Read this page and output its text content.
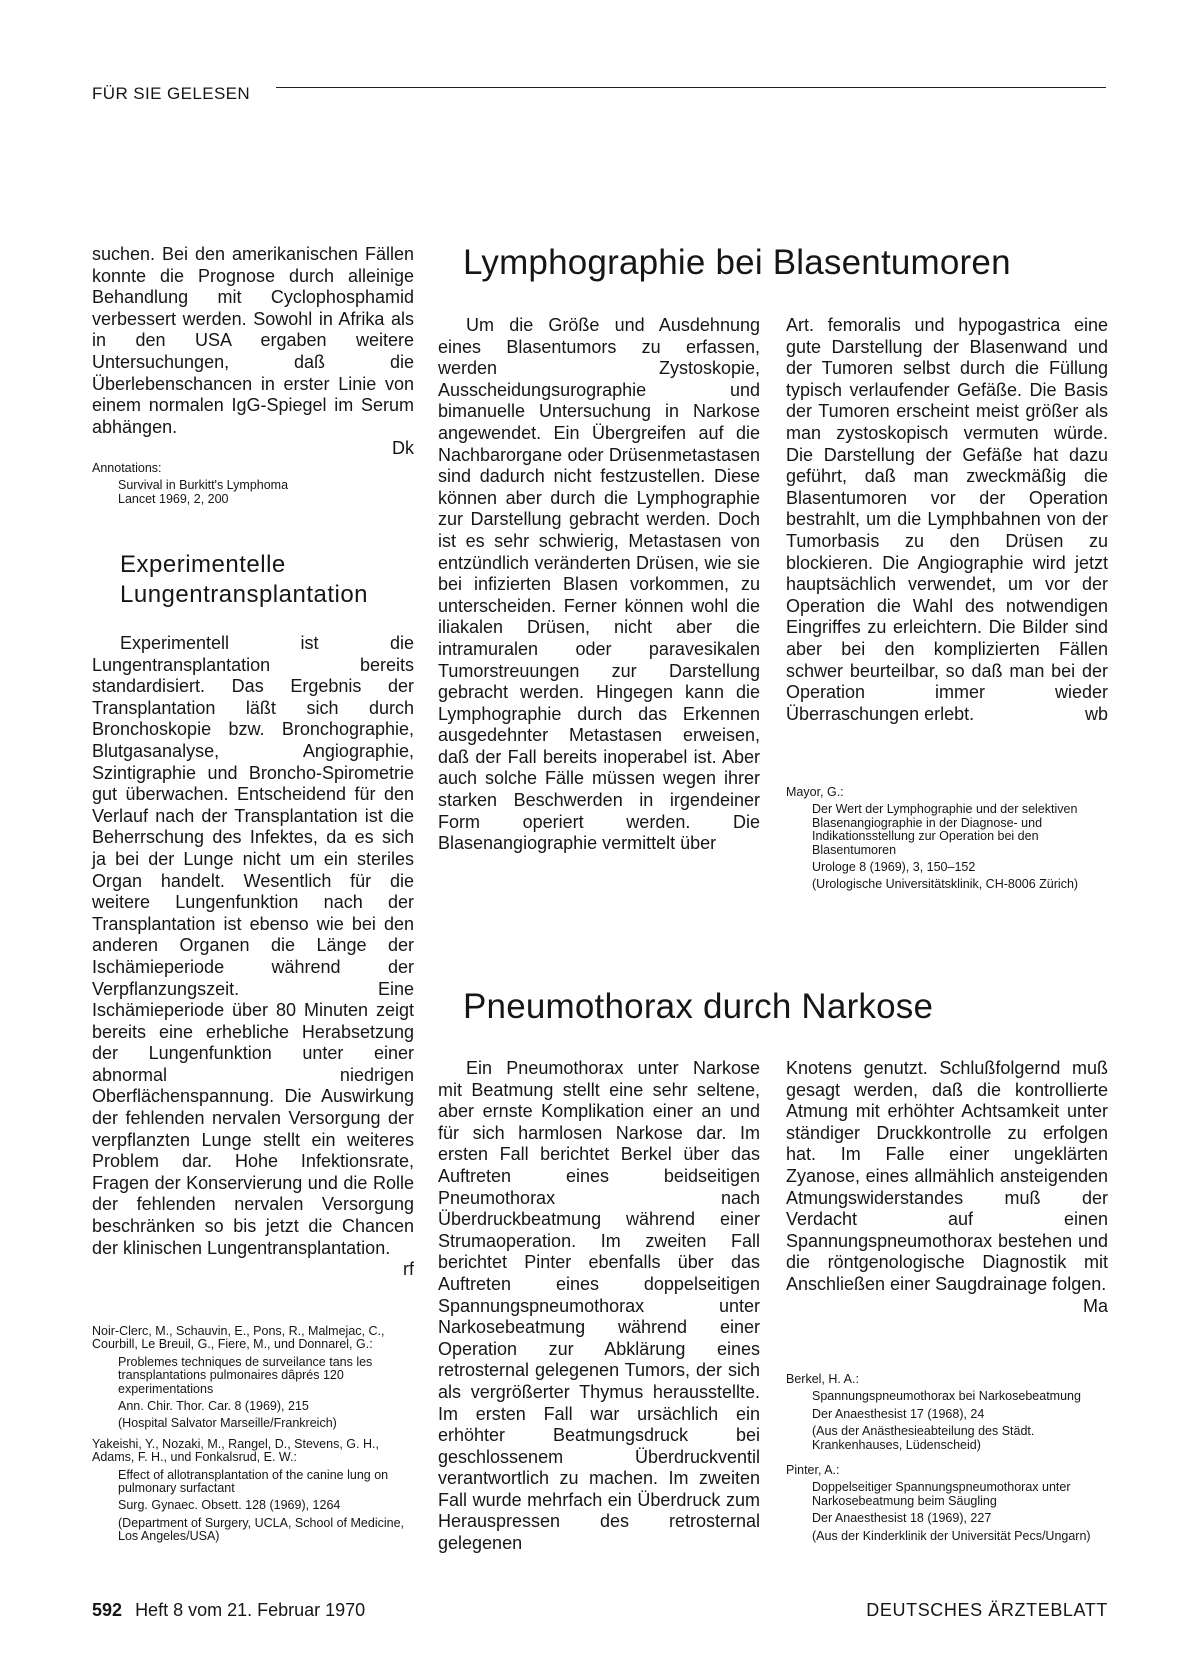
FÜR SIE GELESEN

suchen. Bei den amerikanischen Fällen konnte die Prognose durch alleinige Behandlung mit Cyclophosphamid verbessert werden. Sowohl in Afrika als in den USA ergaben weitere Untersuchungen, daß die Überlebenschancen in erster Linie von einem normalen IgG-Spiegel im Serum abhängen.

Dk

Annotations:

Survival in Burkitt's Lymphoma

Lancet 1969, 2, 200

Experimentelle
Lungentransplantation

Experimentell ist die Lungentransplantation bereits standardisiert. Das Ergebnis der Transplantation läßt sich durch Bronchoskopie bzw. Bronchographie, Blutgasanalyse, Angiographie, Szintigraphie und Broncho-Spirometrie gut überwachen. Entscheidend für den Verlauf nach der Transplantation ist die Beherrschung des Infektes, da es sich ja bei der Lunge nicht um ein steriles Organ handelt. Wesentlich für die weitere Lungenfunktion nach der Transplantation ist ebenso wie bei den anderen Organen die Länge der Ischämieperiode während der Verpflanzungszeit. Eine Ischämieperiode über 80 Minuten zeigt bereits eine erhebliche Herabsetzung der Lungenfunktion unter einer abnormal niedrigen Oberflächenspannung. Die Auswirkung der fehlenden nervalen Versorgung der verpflanzten Lunge stellt ein weiteres Problem dar. Hohe Infektionsrate, Fragen der Konservierung und die Rolle der fehlenden nervalen Versorgung beschränken so bis jetzt die Chancen der klinischen Lungentransplantation.
rf

Noir-Clerc, M., Schauvin, E., Pons, R., Malmejac, C., Courbill, Le Breuil, G., Fiere, M., und Donnarel, G.:

Problemes techniques de surveilance tans les transplantations pulmonaires dâprés 120 experimentations

Ann. Chir. Thor. Car. 8 (1969), 215

(Hospital Salvator Marseille/Frankreich)

Yakeishi, Y., Nozaki, M., Rangel, D., Stevens, G. H., Adams, F. H., und Fonkalsrud, E. W.:

Effect of allotransplantation of the canine lung on pulmonary surfactant

Surg. Gynaec. Obsett. 128 (1969), 1264

(Department of Surgery, UCLA, School of Medicine, Los Angeles/USA)

Lymphographie bei Blasentumoren

Um die Größe und Ausdehnung eines Blasentumors zu erfassen, werden Zystoskopie, Ausscheidungsurographie und bimanuelle Untersuchung in Narkose angewendet. Ein Übergreifen auf die Nachbarorgane oder Drüsenmetastasen sind dadurch nicht festzustellen. Diese können aber durch die Lymphographie zur Darstellung gebracht werden. Doch ist es sehr schwierig, Metastasen von entzündlich veränderten Drüsen, wie sie bei infizierten Blasen vorkommen, zu unterscheiden. Ferner können wohl die iliakalen Drüsen, nicht aber die intramuralen oder paravesikalen Tumorstreuungen zur Darstellung gebracht werden. Hingegen kann die Lymphographie durch das Erkennen ausgedehnter Metastasen erweisen, daß der Fall bereits inoperabel ist. Aber auch solche Fälle müssen wegen ihrer starken Beschwerden in irgendeiner Form operiert werden. Die Blasenangiographie vermittelt über

Art. femoralis und hypogastrica eine gute Darstellung der Blasenwand und der Tumoren selbst durch die Füllung typisch verlaufender Gefäße. Die Basis der Tumoren erscheint meist größer als man zystoskopisch vermuten würde. Die Darstellung der Gefäße hat dazu geführt, daß man zweckmäßig die Blasentumoren vor der Operation bestrahlt, um die Lymphbahnen von der Tumorbasis zu den Drüsen zu blockieren. Die Angiographie wird jetzt hauptsächlich verwendet, um vor der Operation die Wahl des notwendigen Eingriffes zu erleichtern. Die Bilder sind aber bei den komplizierten Fällen schwer beurteilbar, so daß man bei der Operation immer wieder Überraschungen erlebt.	wb

Mayor, G.:

Der Wert der Lymphographie und der selektiven Blasenangiographie in der Diagnose- und Indikationsstellung zur Operation bei den Blasentumoren

Urologe 8 (1969), 3, 150–152

(Urologische Universitätsklinik, CH-8006 Zürich)

Pneumothorax durch Narkose

Ein Pneumothorax unter Narkose mit Beatmung stellt eine sehr seltene, aber ernste Komplikation einer an und für sich harmlosen Narkose dar. Im ersten Fall berichtet Berkel über das Auftreten eines beidseitigen Pneumothorax nach Überdruckbeatmung während einer Strumaoperation. Im zweiten Fall berichtet Pinter ebenfalls über das Auftreten eines doppelseitigen Spannungspneumothorax unter Narkosebeatmung während einer Operation zur Abklärung eines retrosternal gelegenen Tumors, der sich als vergrößerter Thymus herausstellte. Im ersten Fall war ursächlich ein erhöhter Beatmungsdruck bei geschlossenem Überdruckventil verantwortlich zu machen. Im zweiten Fall wurde mehrfach ein Überdruck zum Herauspressen des retrosternal gelegenen

Knotens genutzt. Schlußfolgernd muß gesagt werden, daß die kontrollierte Atmung mit erhöhter Achtsamkeit unter ständiger Druckkontrolle zu erfolgen hat. Im Falle einer ungeklärten Zyanose, eines allmählich ansteigenden Atmungswiderstandes muß der Verdacht auf einen Spannungspneumothorax bestehen und die röntgenologische Diagnostik mit Anschließen einer Saugdrainage folgen.
Ma

Berkel, H. A.:

Spannungspneumothorax bei Narkosebeatmung

Der Anaesthesist 17 (1968), 24

(Aus der Anästhesieabteilung des Städt. Krankenhauses, Lüdenscheid)

Pinter, A.:

Doppelseitiger Spannungspneumothorax unter Narkosebeatmung beim Säugling

Der Anaesthesist 18 (1969), 227

(Aus der Kinderklinik der Universität Pecs/Ungarn)

592 Heft 8 vom 21. Februar 1970	DEUTSCHES ÄRZTEBLATT
